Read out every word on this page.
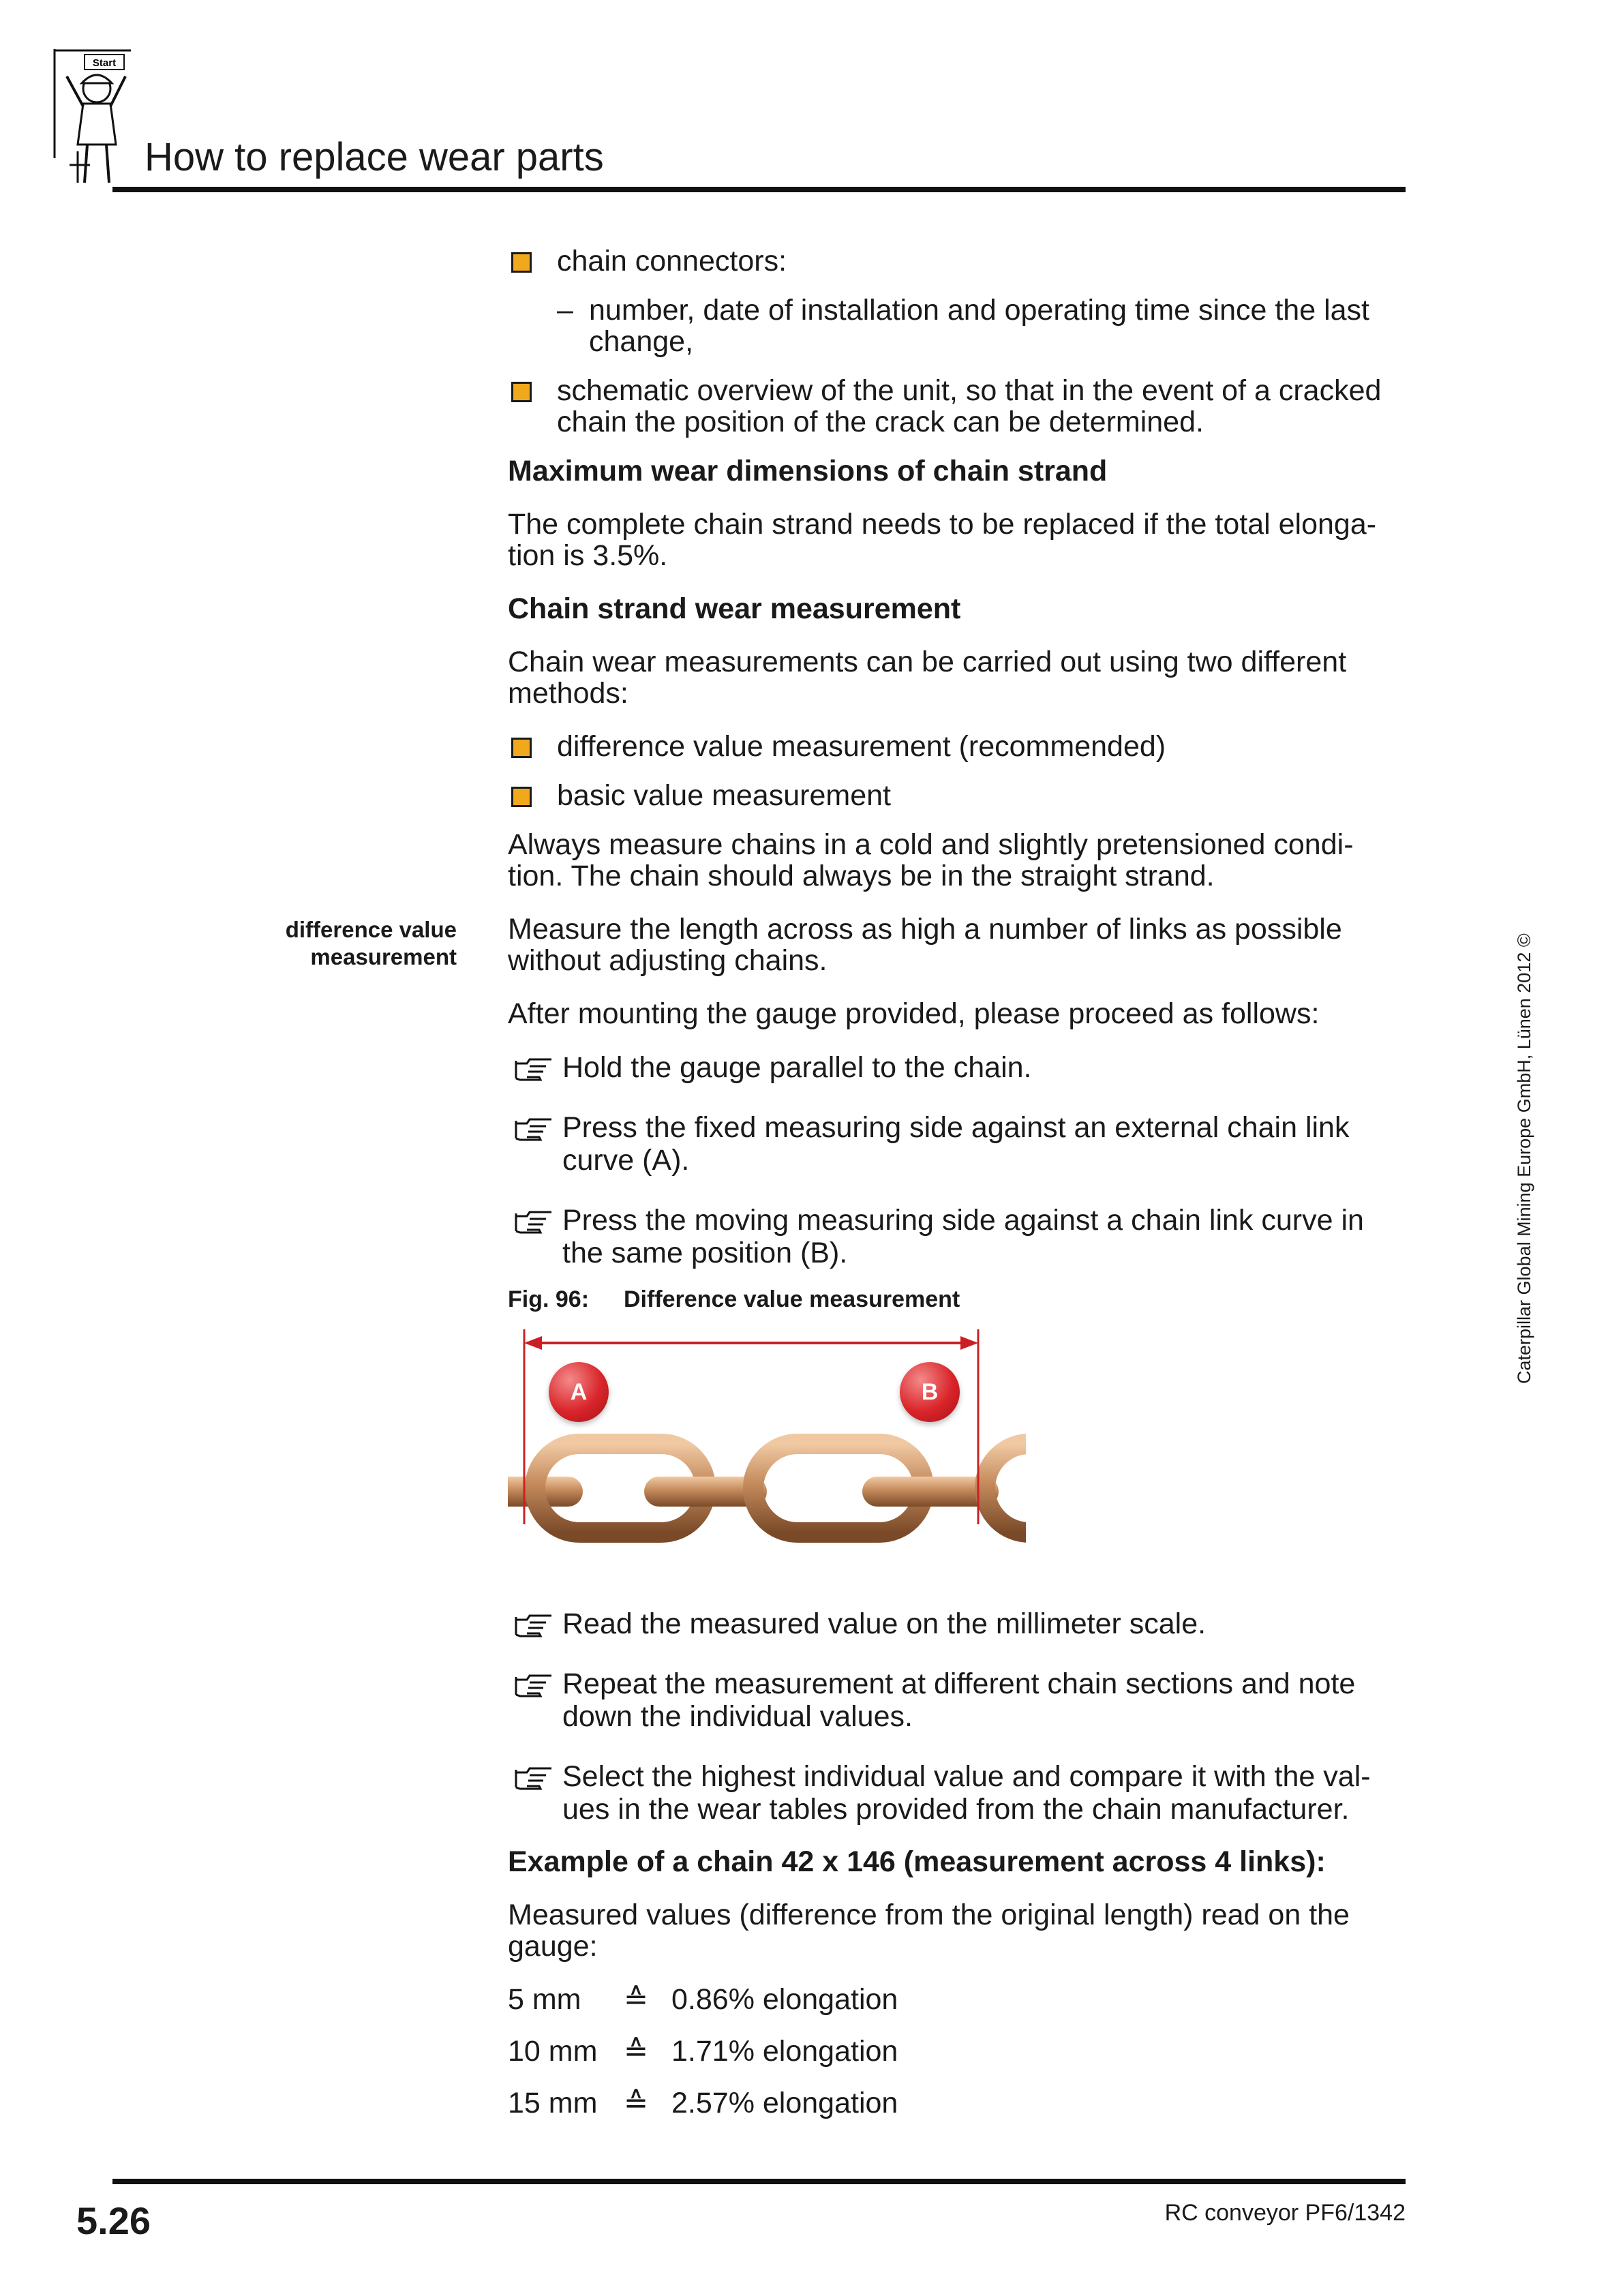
Start
How to replace wear parts
difference value
measurement
chain connectors:
– number, date of installation and operating time since the last change,
schematic overview of the unit, so that in the event of a cracked chain the position of the crack can be determined.
Maximum wear dimensions of chain strand
The complete chain strand needs to be replaced if the total elonga-tion is 3.5%.
Chain strand wear measurement
Chain wear measurements can be carried out using two different methods:
difference value measurement (recommended)
basic value measurement
Always measure chains in a cold and slightly pretensioned condi-tion. The chain should always be in the straight strand.
Measure the length across as high a number of links as possible without adjusting chains.
After mounting the gauge provided, please proceed as follows:
Hold the gauge parallel to the chain.
Press the fixed measuring side against an external chain link curve (A).
Press the moving measuring side against a chain link curve in the same position (B).
Fig. 96: Difference value measurement
A	B
Read the measured value on the millimeter scale.
Repeat the measurement at different chain sections and note down the individual values.
Select the highest individual value and compare it with the val-ues in the wear tables provided from the chain manufacturer.
Example of a chain 42 x 146 (measurement across 4 links):
Measured values (difference from the original length) read on the gauge:
5 mm ≙ 0.86% elongation
10 mm ≙ 1.71% elongation
15 mm ≙ 2.57% elongation
Caterpillar Global Mining Europe GmbH, Lünen 2012 ©
5.26	RC conveyor PF6/1342
